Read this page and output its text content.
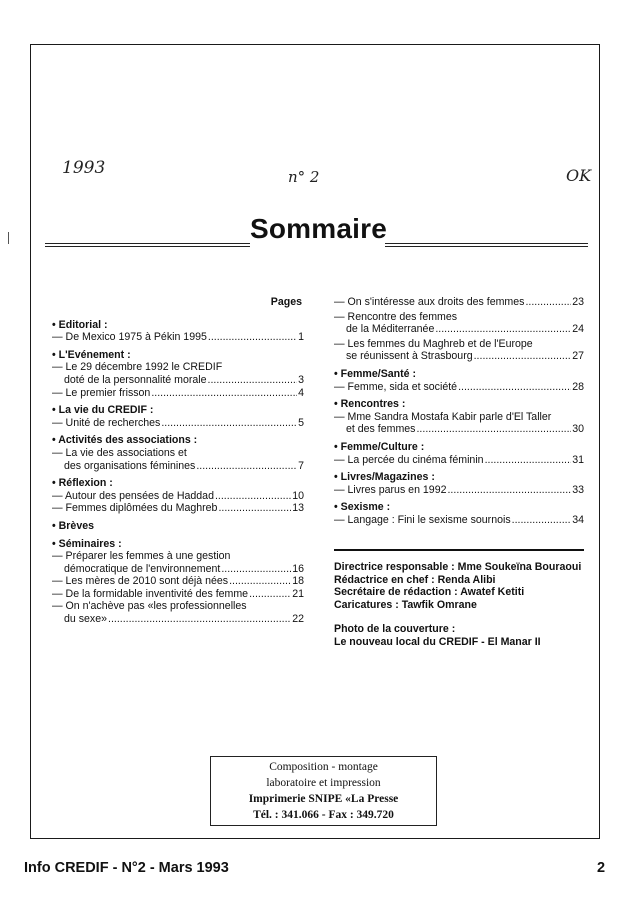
1993	n° 2	OK
Sommaire
Pages
• Editorial :
— De Mexico 1975 à Pékin 1995 .....	1
• L'Evénement :
— Le 29 décembre 1992 le CREDIF
doté de la personnalité morale .....	3
— Le premier frisson .....	4
• La vie du CREDIF :
— Unité de recherches .....	5
• Activités des associations :
— La vie des associations et
des organisations féminines .....	7
• Réflexion :
— Autour des pensées de Haddad .....	10
— Femmes diplômées du Maghreb .....	13
• Brèves
• Séminaires :
— Préparer les femmes à une gestion
démocratique de l'environnement .....	16
— Les mères de 2010 sont déjà nées .....	18
— De la formidable inventivité des femme .....	21
— On n'achève pas «les professionnelles
du sexe» .....	22
— On s'intéresse aux droits des femmes .....	23
— Rencontre des femmes
de la Méditerranée .....	24
— Les femmes du Maghreb et de l'Europe
se réunissent à Strasbourg .....	27
• Femme/Santé :
— Femme, sida et société .....	28
• Rencontres :
— Mme Sandra Mostafa Kabir parle d'El Taller
et des femmes .....	30
• Femme/Culture :
— La percée du cinéma féminin .....	31
• Livres/Magazines :
— Livres parus en 1992 .....	33
• Sexisme :
— Langage : Fini le sexisme sournois .....	34
Directrice responsable : Mme Soukeïna Bouraoui
Rédactrice en chef : Renda Alibi
Secrétaire de rédaction : Awatef Ketiti
Caricatures : Tawfik Omrane
Photo de la couverture :
Le nouveau local du CREDIF - El Manar II
Composition - montage
laboratoire et impression
Imprimerie SNIPE «La Presse
Tél. : 341.066 - Fax : 349.720
Info CREDIF - N°2 - Mars 1993	2
